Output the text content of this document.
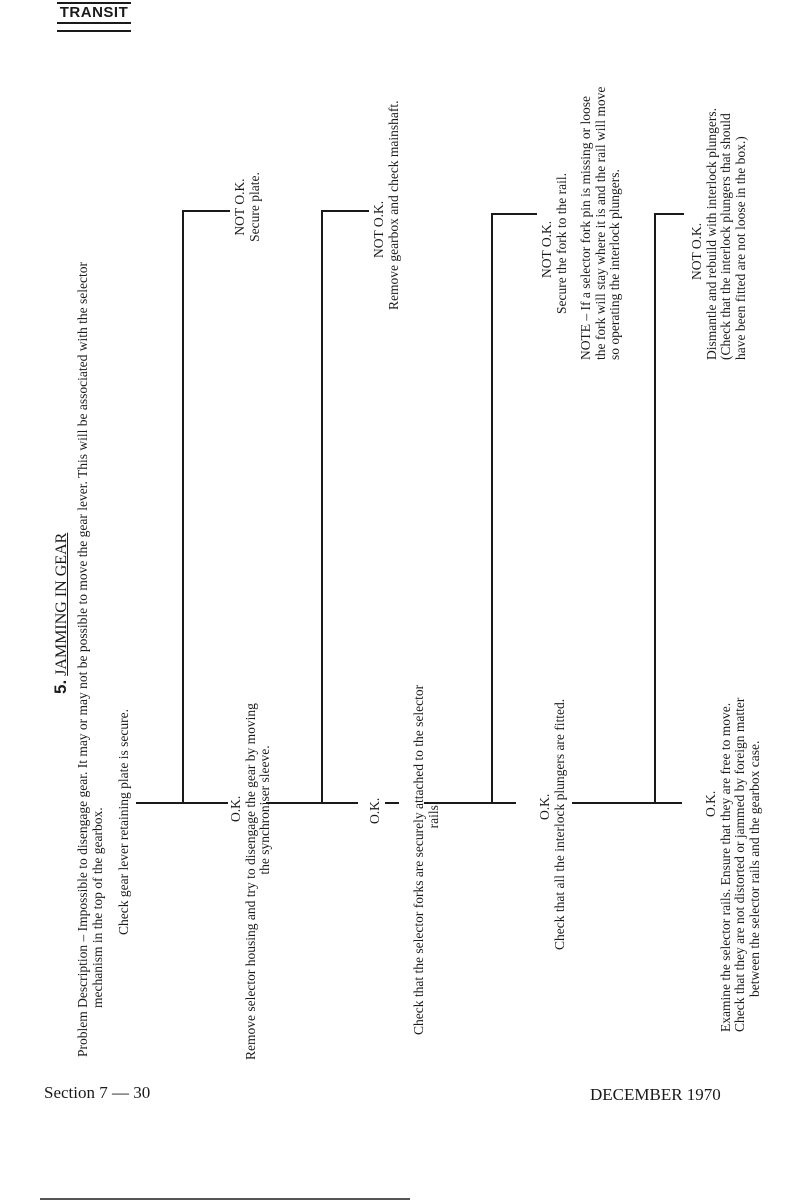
TRANSIT
5. JAMMING IN GEAR Problem Description – Impossible to disengage gear. It may or may not be possible to move the gear lever. This will be associated with the selector mechanism in the top of the gearbox. Check gear lever retaining plate is secure.
NOT O.K. Secure plate.
O.K. Remove selector housing and try to disengage the gear by moving the synchroniser sleeve.
NOT O.K. Remove gearbox and check mainshaft.
O.K. Check that the selector forks are securely attached to the selector rails.
NOT O.K. Secure the fork to the rail. NOTE – If a selector fork pin is missing or loose the fork will stay where it is and the rail will move so operating the interlock plungers.
O.K. Check that all the interlock plungers are fitted.
NOT O.K. Dismantle and rebuild with interlock plungers. (Check that the interlock plungers that should have been fitted are not loose in the box.)
O.K. Examine the selector rails. Ensure that they are free to move. Check that they are not distorted or jammed by foreign matter between the selector rails and the gearbox case.
Section 7 — 30	DECEMBER 1970
